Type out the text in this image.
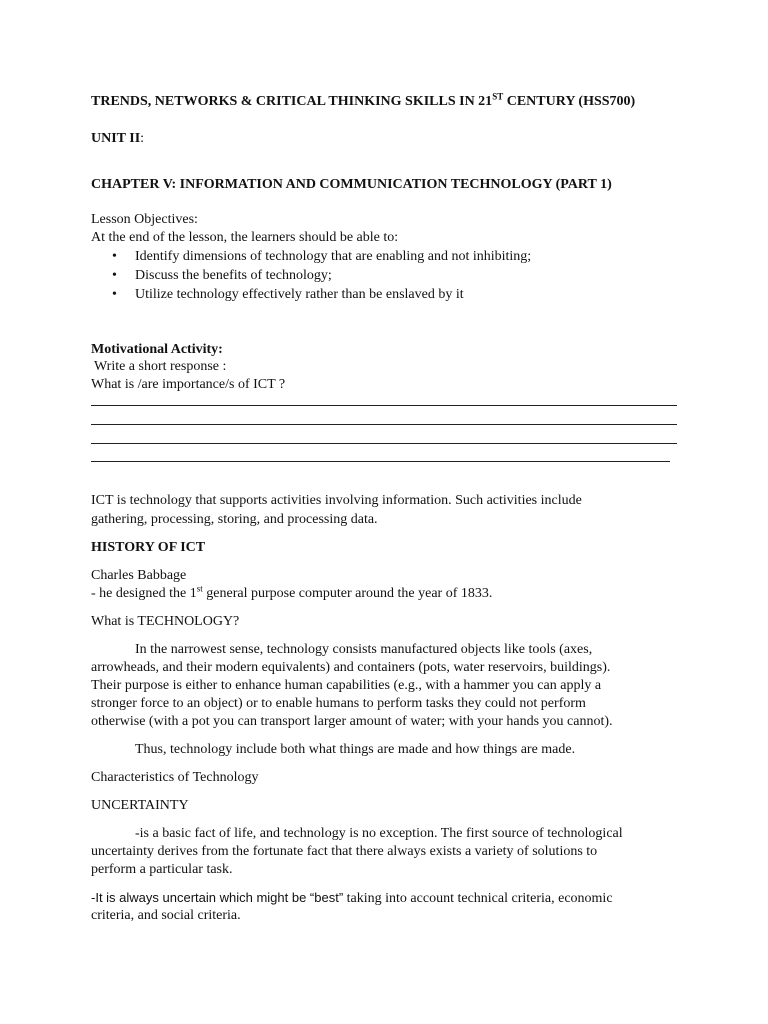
TRENDS, NETWORKS & CRITICAL THINKING SKILLS IN 21ST CENTURY (HSS700)
UNIT II:
CHAPTER V: INFORMATION AND COMMUNICATION TECHNOLOGY (PART 1)
Lesson Objectives:
At the end of the lesson, the learners should be able to:
• Identify dimensions of technology that are enabling and not inhibiting;
• Discuss the benefits of technology;
• Utilize technology effectively rather than be enslaved by it
Motivational Activity:
Write a short response :
What is /are importance/s of ICT ?
ICT is technology that supports activities involving information. Such activities include
gathering, processing, storing, and processing data.
HISTORY OF ICT
Charles Babbage
- he designed the 1st general purpose computer around the year of 1833.
What is TECHNOLOGY?
In the narrowest sense, technology consists manufactured objects like tools (axes,
arrowheads, and their modern equivalents) and containers (pots, water reservoirs, buildings).
Their purpose is either to enhance human capabilities (e.g., with a hammer you can apply a
stronger force to an object) or to enable humans to perform tasks they could not perform
otherwise (with a pot you can transport larger amount of water; with your hands you cannot).
Thus, technology include both what things are made and how things are made.
Characteristics of Technology
UNCERTAINTY
-is a basic fact of life, and technology is no exception. The first source of technological
uncertainty derives from the fortunate fact that there always exists a variety of solutions to
perform a particular task.
-It is always uncertain which might be “best” taking into account technical criteria, economic
criteria, and social criteria.
